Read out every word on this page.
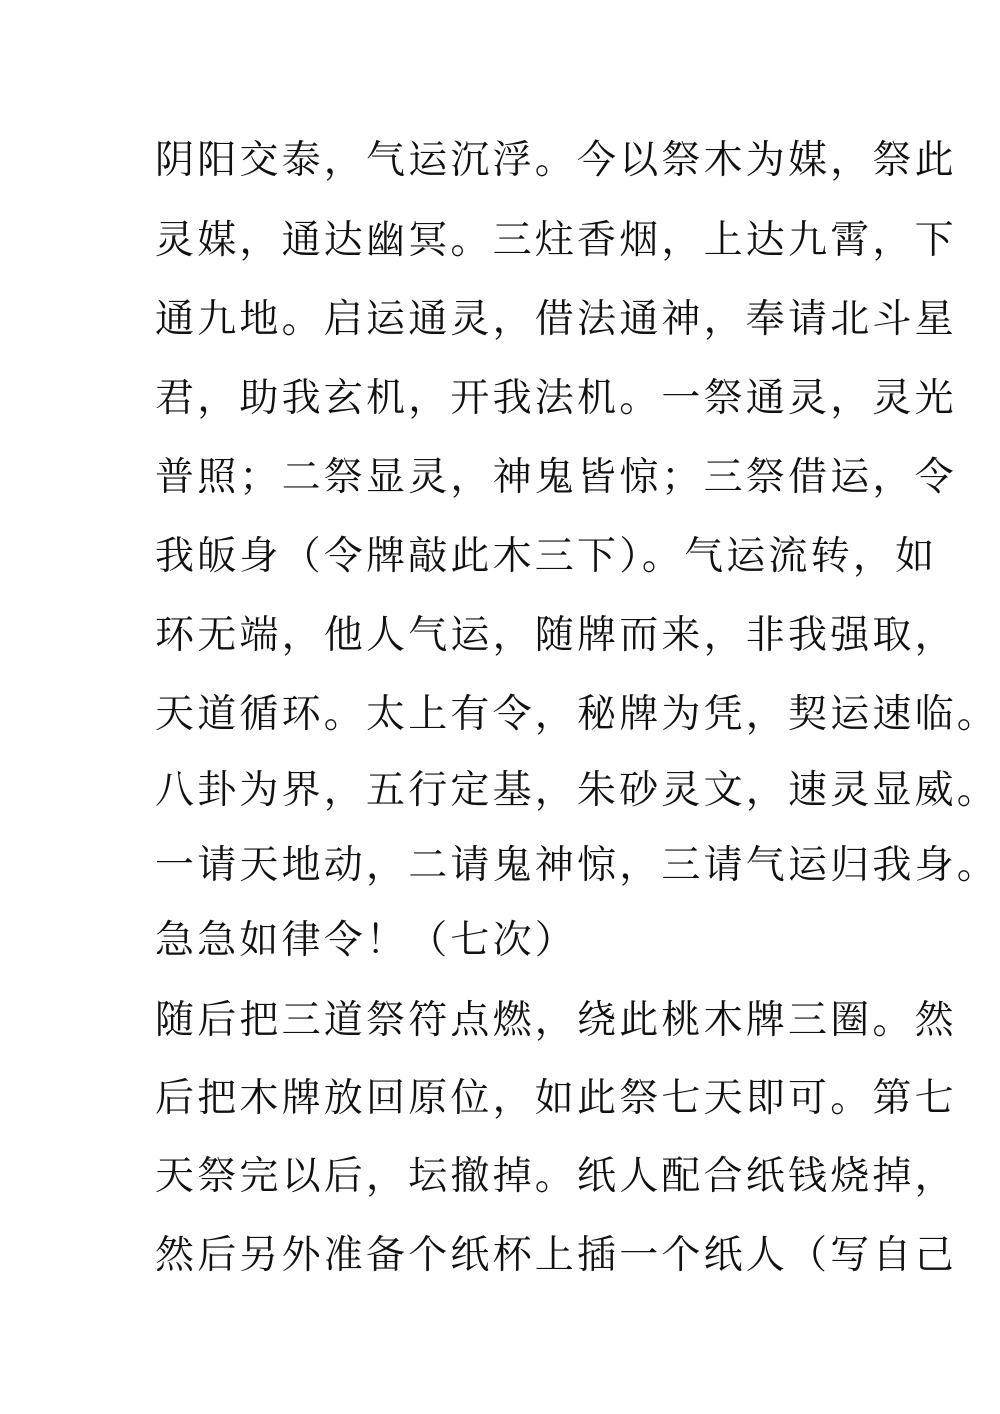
阴阳交泰，气运沉浮。今以祭木为媒，祭此
灵媒，通达幽冥。三炷香烟，上达九霄，下
通九地。启运通灵，借法通神，奉请北斗星
君，助我玄机，开我法机。一祭通灵，灵光
普照；二祭显灵，神鬼皆惊；三祭借运，令
我皈身（令牌敲此木三下）。气运流转，如
环无端，他人气运，随牌而来，非我强取，
天道循环。太上有令，秘牌为凭，契运速临。
八卦为界，五行定基，朱砂灵文，速灵显威。
一请天地动，二请鬼神惊，三请气运归我身。
急急如律令！（七次）
随后把三道祭符点燃，绕此桃木牌三圈。然
后把木牌放回原位，如此祭七天即可。第七
天祭完以后，坛撤掉。纸人配合纸钱烧掉，
然后另外准备个纸杯上插一个纸人（写自己
